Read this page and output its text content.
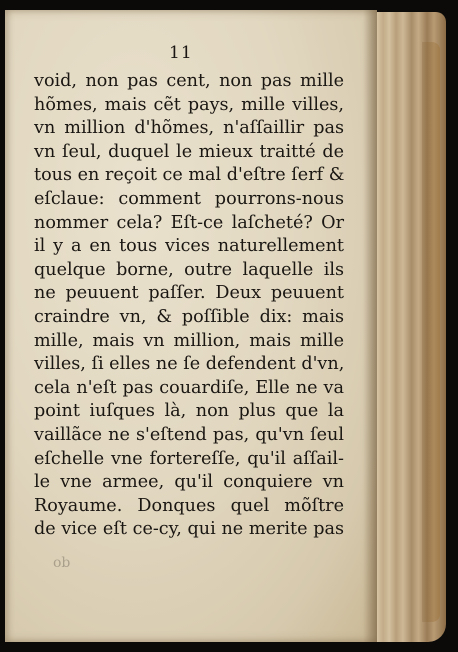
11
void, non pas cent, non pas mille
hõmes, mais cẽt pays, mille villes,
vn million d'hõmes, n'aſſaillir pas
vn ſeul, duquel le mieux traitté de
tous en reçoit ce mal d'eſtre ſerf &
eſclaue: comment pourrons-nous
nommer cela? Eſt-ce laſcheté? Or
il y a en tous vices naturellement
quelque borne, outre laquelle ils
ne peuuent paſſer. Deux peuuent
craindre vn, & poſſible dix: mais
mille, mais vn million, mais mille
villes, ſi elles ne ſe defendent d'vn,
cela n'eſt pas couardiſe, Elle ne va
point iuſques là, non plus que la
vaillãce ne s'eſtend pas, qu'vn ſeul
eſchelle vne fortereſſe, qu'il aſſail-
le vne armee, qu'il conquiere vn
Royaume. Donques quel mõſtre
de vice eſt ce-cy, qui ne merite pas
ob
